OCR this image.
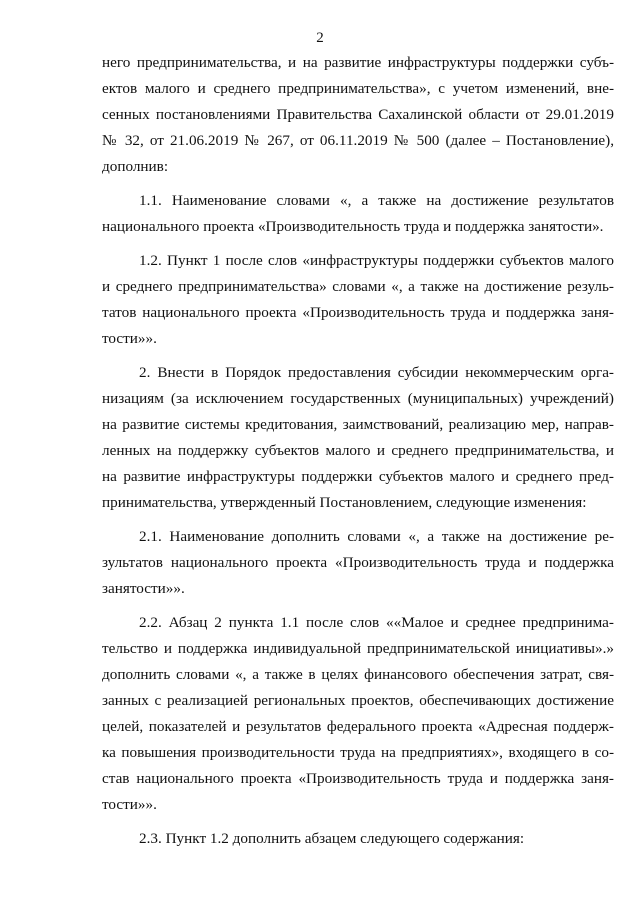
2
него предпринимательства, и на развитие инфраструктуры поддержки субъ-
ектов малого и среднего предпринимательства», с учетом изменений, вне-
сенных постановлениями Правительства Сахалинской области от 29.01.2019
№ 32, от 21.06.2019 № 267, от 06.11.2019 № 500 (далее – Постановление),
дополнив:
1.1. Наименование словами «, а также на достижение результатов
национального проекта «Производительность труда и поддержка занятости».
1.2. Пункт 1 после слов «инфраструктуры поддержки субъектов малого
и среднего предпринимательства» словами «, а также на достижение резуль-
татов национального проекта «Производительность труда и поддержка заня-
тости»».
2. Внести в Порядок предоставления субсидии некоммерческим орга-
низациям (за исключением государственных (муниципальных) учреждений)
на развитие системы кредитования, заимствований, реализацию мер, направ-
ленных на поддержку субъектов малого и среднего предпринимательства, и
на развитие инфраструктуры поддержки субъектов малого и среднего пред-
принимательства, утвержденный Постановлением, следующие изменения:
2.1. Наименование дополнить словами «, а также на достижение ре-
зультатов национального проекта «Производительность труда и поддержка
занятости»».
2.2. Абзац 2 пункта 1.1 после слов ««Малое и среднее предпринима-
тельство и поддержка индивидуальной предпринимательской инициативы».»
дополнить словами «, а также в целях финансового обеспечения затрат, свя-
занных с реализацией региональных проектов, обеспечивающих достижение
целей, показателей и результатов федерального проекта «Адресная поддерж-
ка повышения производительности труда на предприятиях», входящего в со-
став национального проекта «Производительность труда и поддержка заня-
тости»».
2.3. Пункт 1.2 дополнить абзацем следующего содержания:
